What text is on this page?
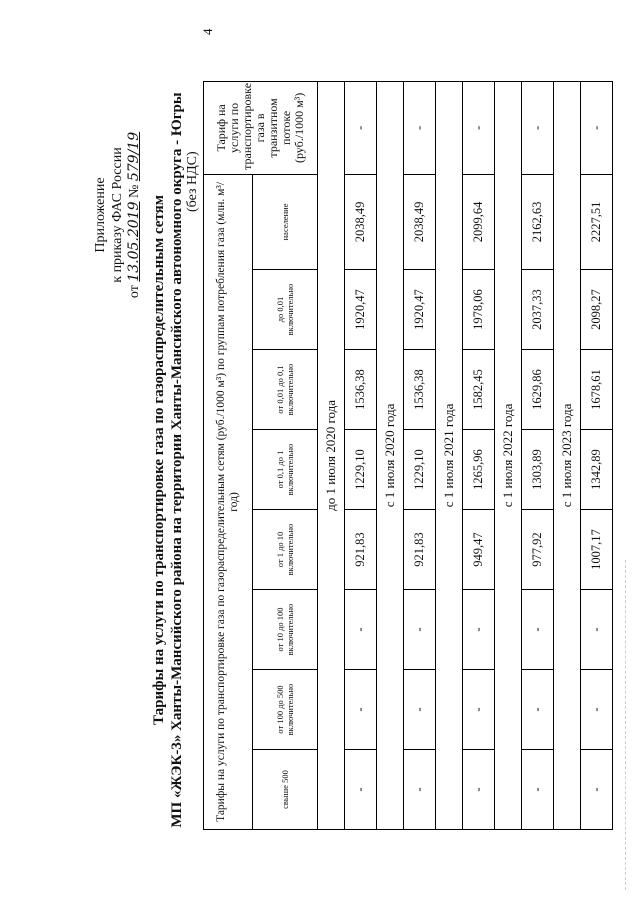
4
Приложение к приказу ФАС России
от 13.05.2019 № 579/19
Тарифы на услуги по транспортировке газа по газораспределительным сетям МП «ЖЭК-3» Ханты-Мансийского района на территории Ханты-Мансийского автономного округа - Югры (без НДС)
Тарифы на услуги по транспортировке газа по газораспределительным сетям (руб./1000 м³) по группам потребления газа (млн. м³/год)								Тариф на услуги по транспортировке газа в транзитном потоке (руб./1000 м³)
свыше 500	от 100 до 500 включительно	от 10 до 100 включительно	от 1 до 10 включительно	от 0,1 до 1 включительно	от 0,01 до 0,1 включительно	до 0,01 включительно	население	
до 1 июля 2020 года								
-	-	-	921,83	1229,10	1536,38	1920,47	2038,49	-
с 1 июля 2020 года								
-	-	-	921,83	1229,10	1536,38	1920,47	2038,49	-
с 1 июля 2021 года								
-	-	-	949,47	1265,96	1582,45	1978,06	2099,64	-
с 1 июля 2022 года								
-	-	-	977,92	1303,89	1629,86	2037,33	2162,63	-
с 1 июля 2023 года								
-	-	-	1007,17	1342,89	1678,61	2098,27	2227,51	-
